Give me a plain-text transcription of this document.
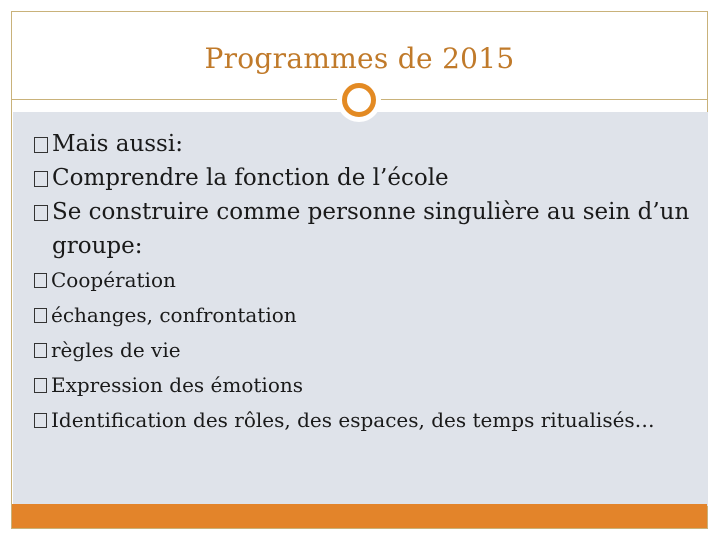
Programmes de 2015
Mais aussi:
Comprendre la fonction de l’école
Se construire comme personne singulière au sein d’un groupe:
Coopération
échanges, confrontation
règles de vie
Expression des émotions
Identification des rôles, des espaces, des temps ritualisés…
